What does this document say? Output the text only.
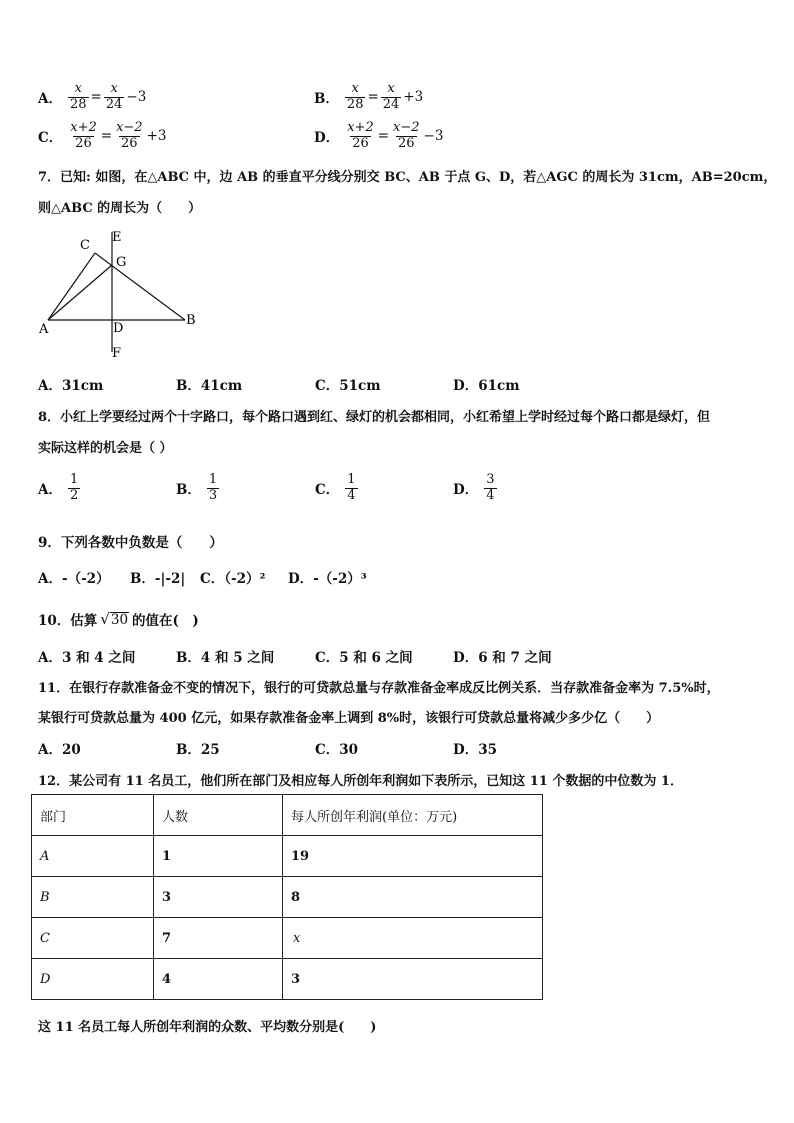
A． $\frac{x}{28} = \frac{x}{24} -3$	B． $\frac{x}{28} = \frac{x}{24} +3$
C． $\frac{x+2}{26} = \frac{x-2}{26} +3$	D． $\frac{x+2}{26} = \frac{x-2}{26} -3$
7．已知: 如图，在△ABC 中，边 AB 的垂直平分线分别交 BC、AB 于点 G、D，若△AGC 的周长为 31cm，AB=20cm，
则△ABC 的周长为（　　）
A
B
C
D
E
F
G
A．31cm	B．41cm	C．51cm	D．61cm
8．小红上学要经过两个十字路口，每个路口遇到红、绿灯的机会都相同，小红希望上学时经过每个路口都是绿灯，但
实际这样的机会是（ ）
A． $\frac{1}{2}$	B． $\frac{1}{3}$	C． $\frac{1}{4}$	D． $\frac{3}{4}$
9．下列各数中负数是（　　）
A．-（-2） B．-|-2| C．（-2）² D．-（-2）³
10．估算 √ 30 的值在(　)
A．3 和 4 之间	B．4 和 5 之间	C．5 和 6 之间	D．6 和 7 之间
11．在银行存款准备金不变的情况下，银行的可贷款总量与存款准备金率成反比例关系．当存款准备金率为 7.5%时，
某银行可贷款总量为 400 亿元，如果存款准备金率上调到 8%时，该银行可贷款总量将减少多少亿（　　）
A．20	B．25	C．30	D．35
12．某公司有 11 名员工，他们所在部门及相应每人所创年利润如下表所示，已知这 11 个数据的中位数为 1．
部门	人数	每人所创年利润(单位：万元)
A	1	19
B	3	8
C	7	x
D	4	3
这 11 名员工每人所创年利润的众数、平均数分别是(　　)
